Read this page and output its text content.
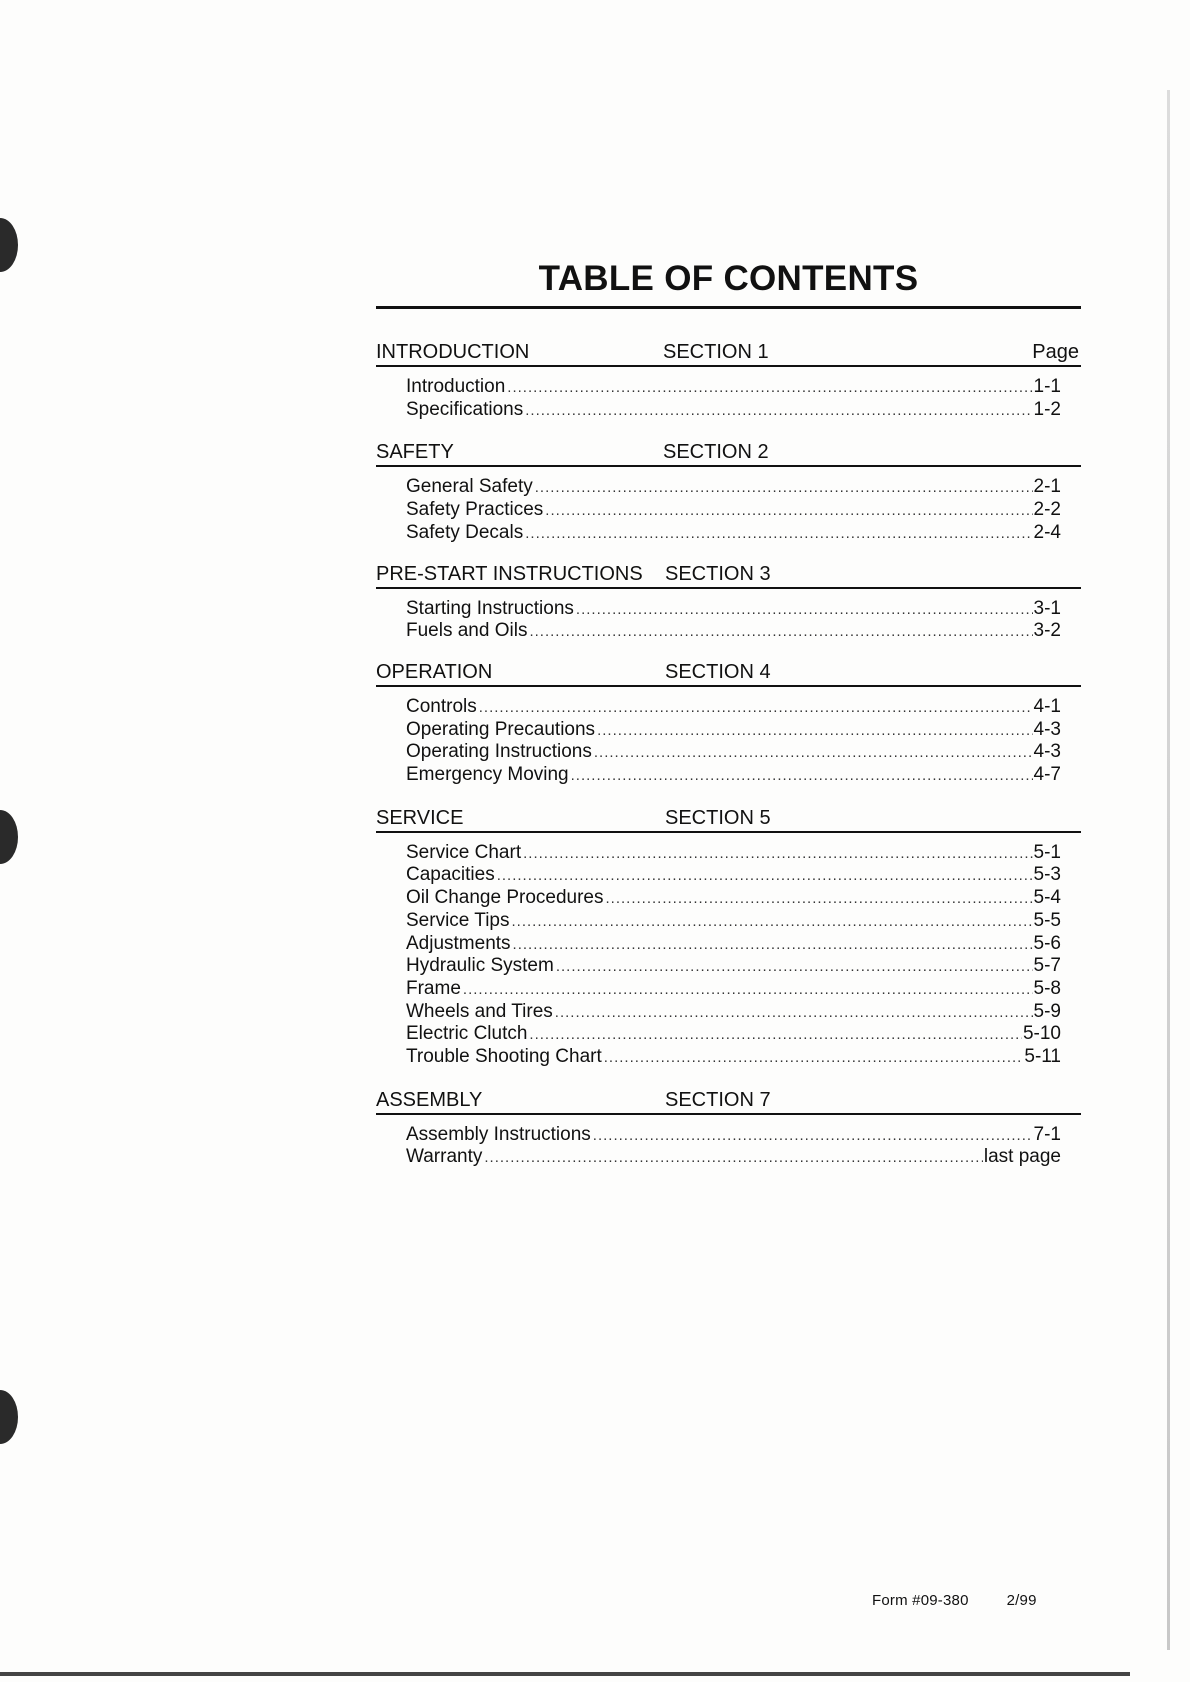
TABLE OF CONTENTS
INTRODUCTION	SECTION 1	Page
Introduction .....	1-1
Specifications .....	1-2
SAFETY	SECTION 2
General Safety .....	2-1
Safety Practices .....	2-2
Safety Decals .....	2-4
PRE-START INSTRUCTIONS SECTION 3
Starting Instructions .....	3-1
Fuels and Oils .....	3-2
OPERATION	SECTION 4
Controls .....	4-1
Operating Precautions .....	4-3
Operating Instructions .....	4-3
Emergency Moving .....	4-7
SERVICE	SECTION 5
Service Chart .....	5-1
Capacities .....	5-3
Oil Change Procedures .....	5-4
Service Tips .....	5-5
Adjustments .....	5-6
Hydraulic System .....	5-7
Frame .....	5-8
Wheels and Tires .....	5-9
Electric Clutch .....	5-10
Trouble Shooting Chart .....	5-11
ASSEMBLY	SECTION 7
Assembly Instructions .....	7-1
Warranty .....	last page
Form #09-380	2/99
